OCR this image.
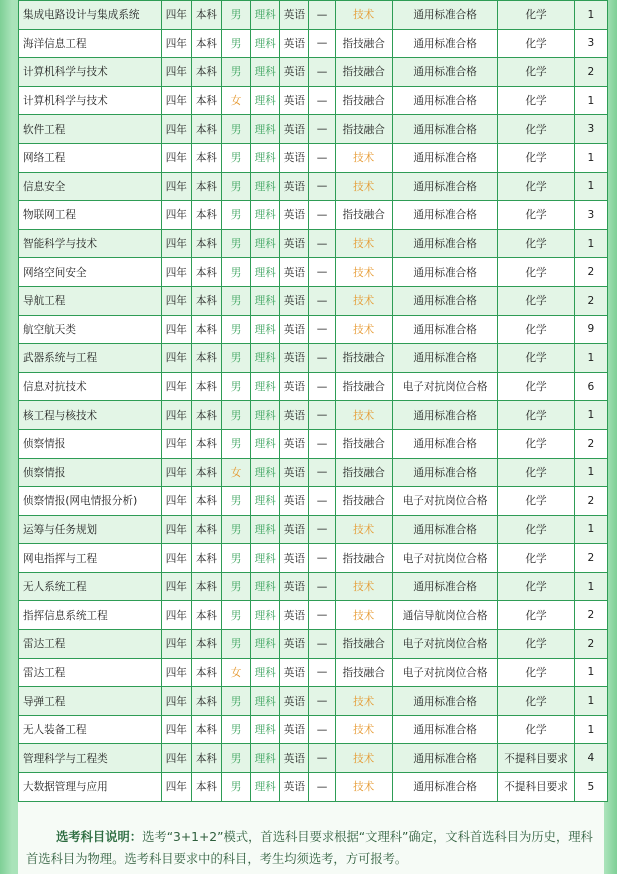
集成电路设计与集成系统	四年	本科	男	理科	英语	—	技术	通用标准合格	化学	1
海洋信息工程	四年	本科	男	理科	英语	—	指技融合	通用标准合格	化学	3
计算机科学与技术	四年	本科	男	理科	英语	—	指技融合	通用标准合格	化学	2
计算机科学与技术	四年	本科	女	理科	英语	—	指技融合	通用标准合格	化学	1
软件工程	四年	本科	男	理科	英语	—	指技融合	通用标准合格	化学	3
网络工程	四年	本科	男	理科	英语	—	技术	通用标准合格	化学	1
信息安全	四年	本科	男	理科	英语	—	技术	通用标准合格	化学	1
物联网工程	四年	本科	男	理科	英语	—	指技融合	通用标准合格	化学	3
智能科学与技术	四年	本科	男	理科	英语	—	技术	通用标准合格	化学	1
网络空间安全	四年	本科	男	理科	英语	—	技术	通用标准合格	化学	2
导航工程	四年	本科	男	理科	英语	—	技术	通用标准合格	化学	2
航空航天类	四年	本科	男	理科	英语	—	技术	通用标准合格	化学	9
武器系统与工程	四年	本科	男	理科	英语	—	指技融合	通用标准合格	化学	1
信息对抗技术	四年	本科	男	理科	英语	—	指技融合	电子对抗岗位合格	化学	6
核工程与核技术	四年	本科	男	理科	英语	—	技术	通用标准合格	化学	1
侦察情报	四年	本科	男	理科	英语	—	指技融合	通用标准合格	化学	2
侦察情报	四年	本科	女	理科	英语	—	指技融合	通用标准合格	化学	1
侦察情报(网电情报分析)	四年	本科	男	理科	英语	—	指技融合	电子对抗岗位合格	化学	2
运筹与任务规划	四年	本科	男	理科	英语	—	技术	通用标准合格	化学	1
网电指挥与工程	四年	本科	男	理科	英语	—	指技融合	电子对抗岗位合格	化学	2
无人系统工程	四年	本科	男	理科	英语	—	技术	通用标准合格	化学	1
指挥信息系统工程	四年	本科	男	理科	英语	—	技术	通信导航岗位合格	化学	2
雷达工程	四年	本科	男	理科	英语	—	指技融合	电子对抗岗位合格	化学	2
雷达工程	四年	本科	女	理科	英语	—	指技融合	电子对抗岗位合格	化学	1
导弹工程	四年	本科	男	理科	英语	—	技术	通用标准合格	化学	1
无人装备工程	四年	本科	男	理科	英语	—	技术	通用标准合格	化学	1
管理科学与工程类	四年	本科	男	理科	英语	—	技术	通用标准合格	不提科目要求	4
大数据管理与应用	四年	本科	男	理科	英语	—	技术	通用标准合格	不提科目要求	5
选考科目说明：选考“3+1+2”模式，首选科目要求根据“文理科”确定，文科首选科目为历史，理科首选科目为物理。选考科目要求中的科目，考生均须选考，方可报考。
